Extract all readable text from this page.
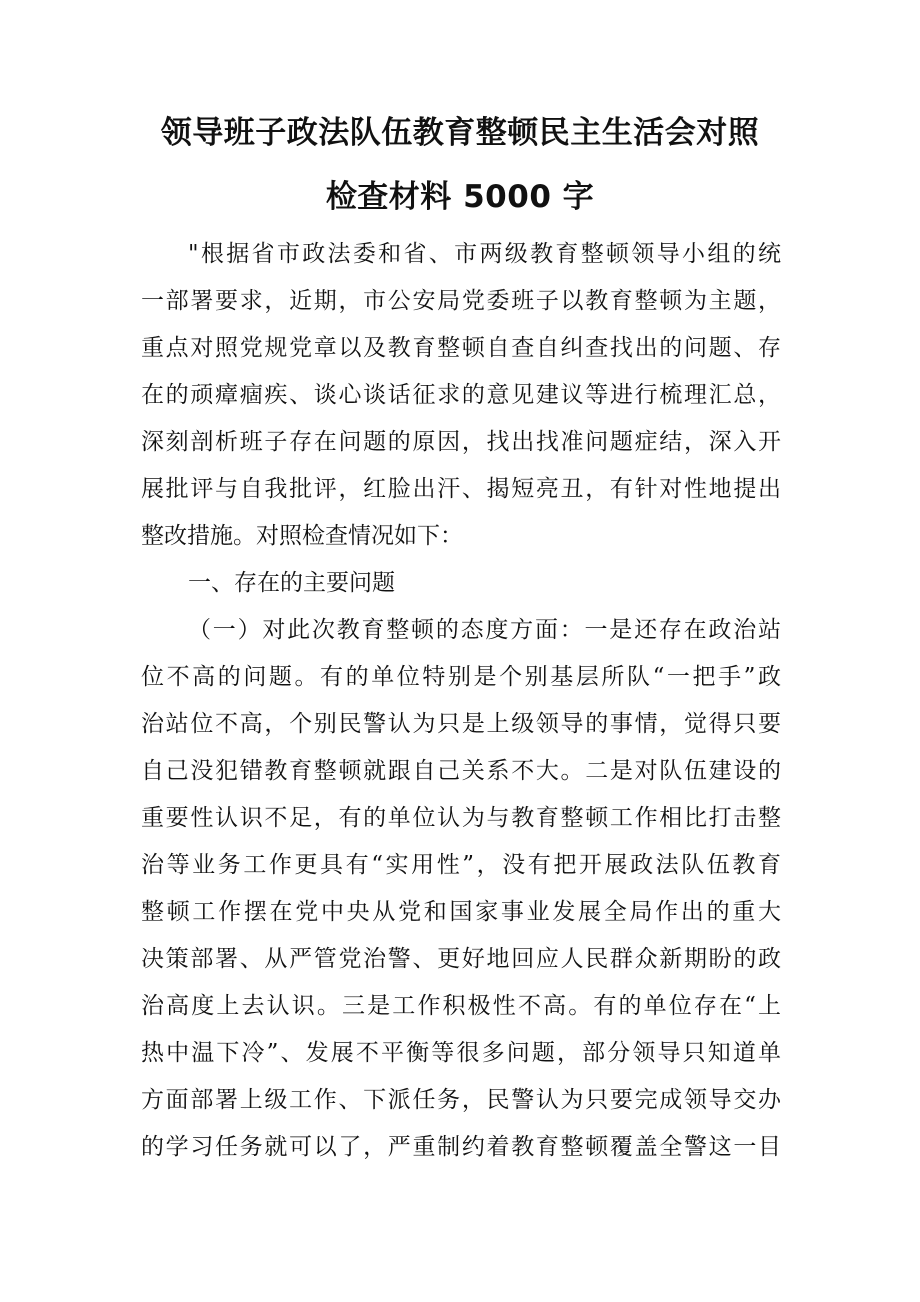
领导班子政法队伍教育整顿民主生活会对照
检查材料 5000 字
"根据省市政法委和省、市两级教育整顿领导小组的统
一部署要求，近期，市公安局党委班子以教育整顿为主题，
重点对照党规党章以及教育整顿自查自纠查找出的问题、存
在的顽瘴痼疾、谈心谈话征求的意见建议等进行梳理汇总，
深刻剖析班子存在问题的原因，找出找准问题症结，深入开
展批评与自我批评，红脸出汗、揭短亮丑，有针对性地提出
整改措施。对照检查情况如下：
一、存在的主要问题
（一）对此次教育整顿的态度方面：一是还存在政治站
位不高的问题。有的单位特别是个别基层所队“一把手”政
治站位不高，个别民警认为只是上级领导的事情，觉得只要
自己没犯错教育整顿就跟自己关系不大。二是对队伍建设的
重要性认识不足，有的单位认为与教育整顿工作相比打击整
治等业务工作更具有“实用性”，没有把开展政法队伍教育
整顿工作摆在党中央从党和国家事业发展全局作出的重大
决策部署、从严管党治警、更好地回应人民群众新期盼的政
治高度上去认识。三是工作积极性不高。有的单位存在“上
热中温下冷”、发展不平衡等很多问题，部分领导只知道单
方面部署上级工作、下派任务，民警认为只要完成领导交办
的学习任务就可以了，严重制约着教育整顿覆盖全警这一目
